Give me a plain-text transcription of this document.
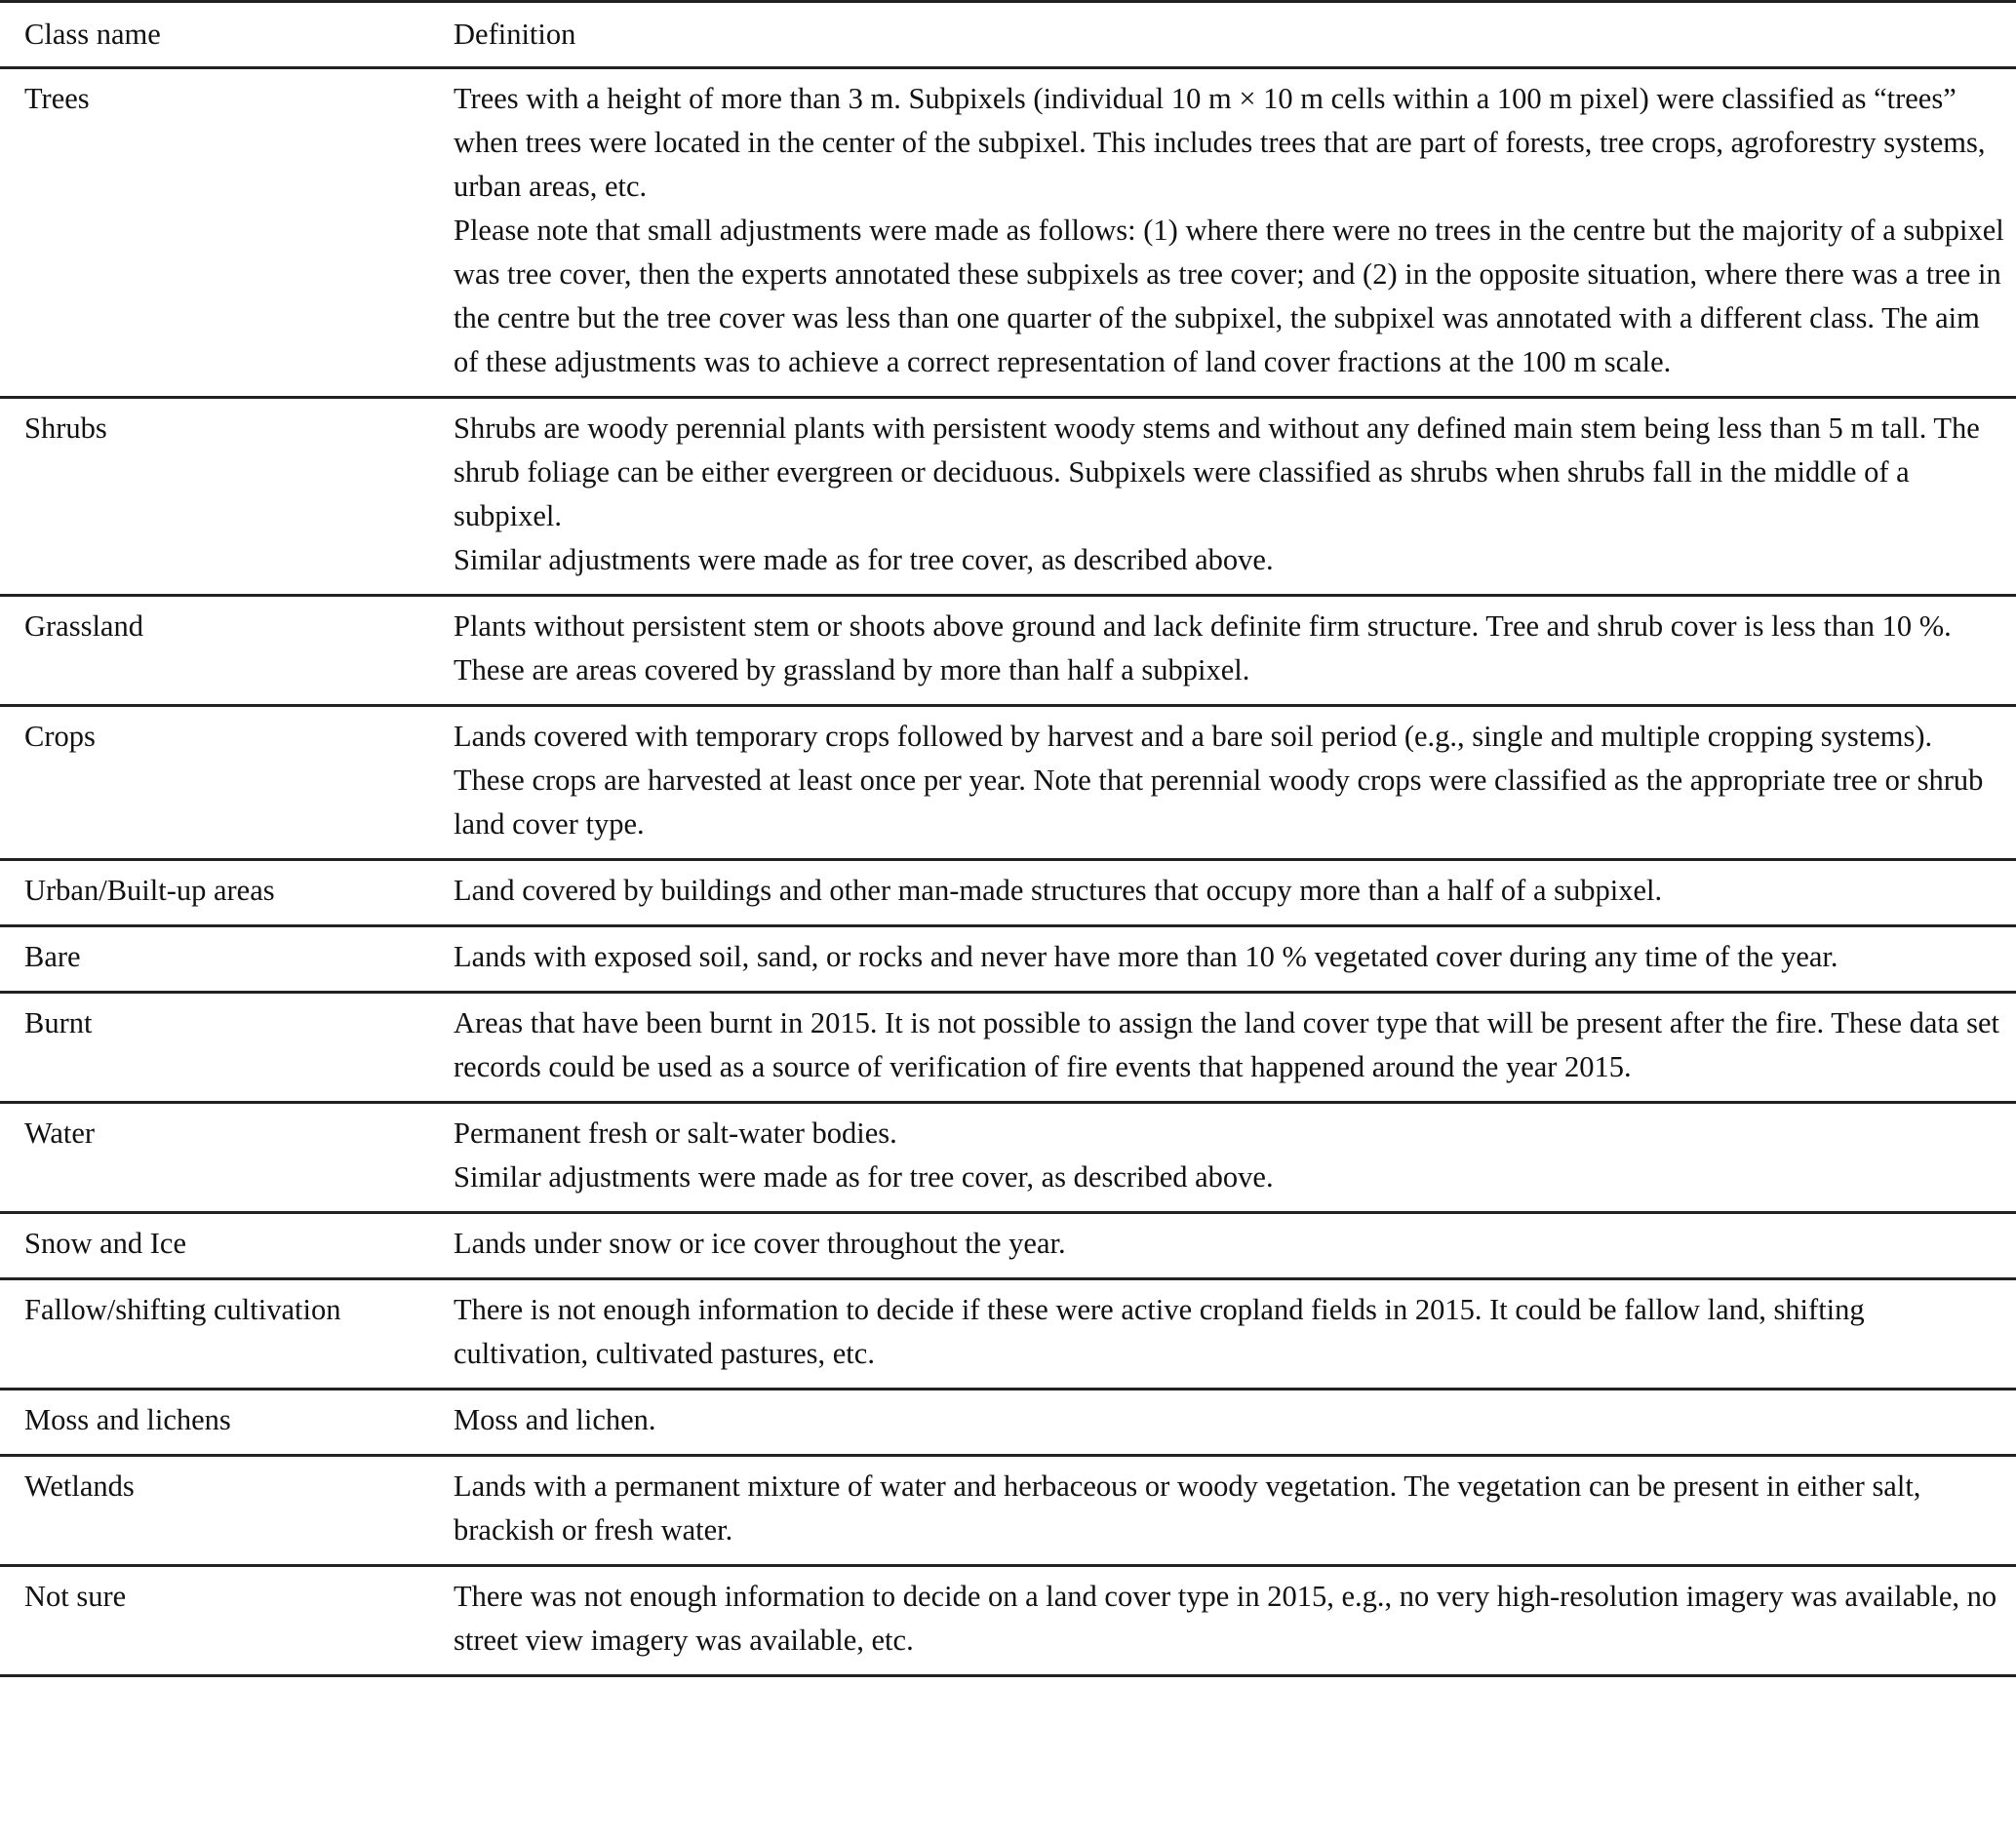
Class name	Definition
Trees	Trees with a height of more than 3 m. Subpixels (individual 10 m × 10 m cells within a 100 m pixel) were classified as “trees” when trees were located in the center of the subpixel. This includes trees that are part of forests, tree crops, agroforestry systems, urban areas, etc.
Please note that small adjustments were made as follows: (1) where there were no trees in the centre but the majority of a subpixel was tree cover, then the experts annotated these subpixels as tree cover; and (2) in the opposite situation, where there was a tree in the centre but the tree cover was less than one quarter of the subpixel, the subpixel was annotated with a different class. The aim of these adjustments was to achieve a correct representation of land cover fractions at the 100 m scale.

Shrubs	Shrubs are woody perennial plants with persistent woody stems and without any defined main stem being less than 5 m tall. The shrub foliage can be either evergreen or deciduous. Subpixels were classified as shrubs when shrubs fall in the middle of a subpixel.
Similar adjustments were made as for tree cover, as described above.

Grassland	Plants without persistent stem or shoots above ground and lack definite firm structure. Tree and shrub cover is less than 10 %. These are areas covered by grassland by more than half a subpixel.

Crops	Lands covered with temporary crops followed by harvest and a bare soil period (e.g., single and multiple cropping systems). These crops are harvested at least once per year. Note that perennial woody crops were classified as the appropriate tree or shrub land cover type.

Urban/Built-up areas	Land covered by buildings and other man-made structures that occupy more than a half of a subpixel.

Bare	Lands with exposed soil, sand, or rocks and never have more than 10 % vegetated cover during any time of the year.

Burnt	Areas that have been burnt in 2015. It is not possible to assign the land cover type that will be present after the fire. These data set records could be used as a source of verification of fire events that happened around the year 2015.

Water	Permanent fresh or salt-water bodies.
Similar adjustments were made as for tree cover, as described above.

Snow and Ice	Lands under snow or ice cover throughout the year.

Fallow/shifting cultivation	There is not enough information to decide if these were active cropland fields in 2015. It could be fallow land, shifting cultivation, cultivated pastures, etc.

Moss and lichens	Moss and lichen.

Wetlands	Lands with a permanent mixture of water and herbaceous or woody vegetation. The vegetation can be present in either salt, brackish or fresh water.

Not sure	There was not enough information to decide on a land cover type in 2015, e.g., no very high-resolution imagery was available, no street view imagery was available, etc.
